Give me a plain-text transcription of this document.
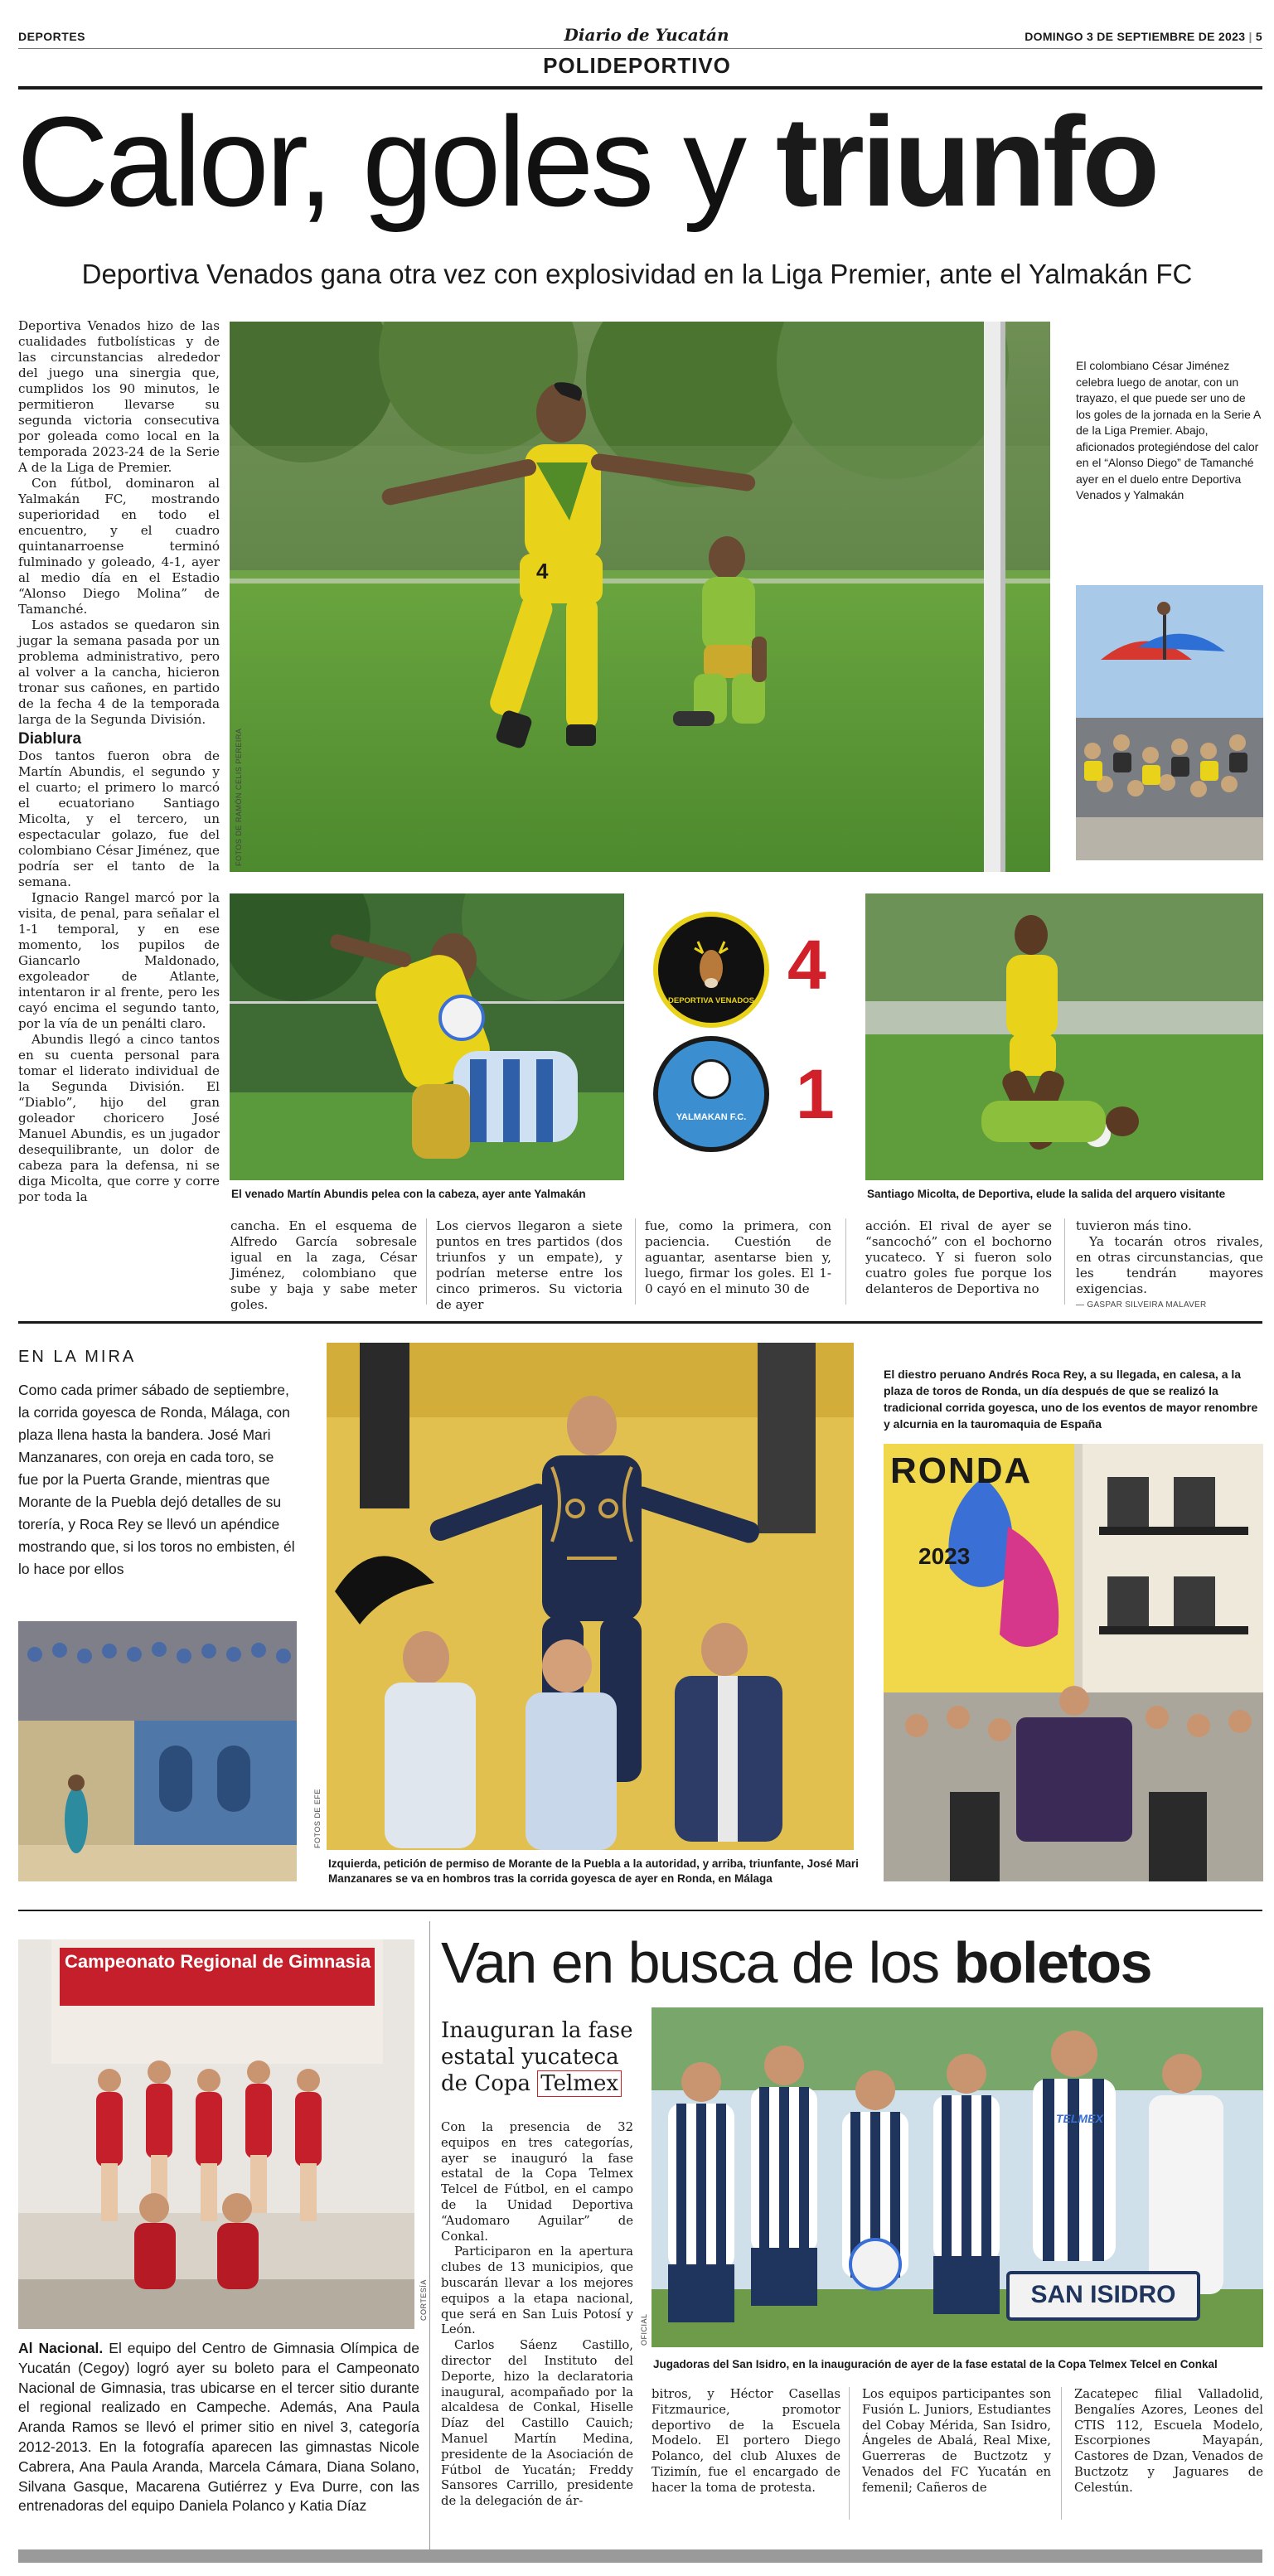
DEPORTES	Diario de Yucatán	DOMINGO 3 DE SEPTIEMBRE DE 2023 | 5
POLIDEPORTIVO
Calor, goles y triunfo
Deportiva Venados gana otra vez con explosividad en la Liga Premier, ante el Yalmakán FC

Deportiva Venados hizo de las cualidades futbolísticas y de las circunstancias alrededor del juego una sinergia que, cumplidos los 90 minutos, le permitieron llevarse su segunda victoria consecutiva por goleada como local en la temporada 2023-24 de la Serie A de la Liga de Premier.

Con fútbol, dominaron al Yalmakán FC, mostrando superioridad en todo el encuentro, y el cuadro quintanarroense terminó fulminado y goleado, 4-1, ayer al medio día en el Estadio “Alonso Diego Molina” de Tamanché.

Los astados se quedaron sin jugar la semana pasada por un problema administrativo, pero al volver a la cancha, hicieron tronar sus cañones, en partido de la fecha 4 de la temporada larga de la Segunda División.

Diablura

Dos tantos fueron obra de Martín Abundis, el segundo y el cuarto; el primero lo marcó el ecuatoriano Santiago Micolta, y el tercero, un espectacular golazo, fue del colombiano César Jiménez, que podría ser el tanto de la semana.

Ignacio Rangel marcó por la visita, de penal, para señalar el 1-1 temporal, y en ese momento, los pupilos de Giancarlo Maldonado, exgoleador de Atlante, intentaron ir al frente, pero les cayó encima el segundo tanto, por la vía de un penálti claro.

Abundis llegó a cinco tantos en su cuenta personal para tomar el liderato individual de la Segunda División. El “Diablo”, hijo del gran goleador choricero José Manuel Abundis, es un jugador desequilibrante, un dolor de cabeza para la defensa, ni se diga Micolta, que corre y corre por toda la

4
FOTOS DE RAMÓN CELIS PEREIRA
El colombiano César Jiménez celebra luego de anotar, con un trayazo, el que puede ser uno de los goles de la jornada en la Serie A de la Liga Premier. Abajo, aficionados protegiéndose del calor en el “Alonso Diego” de Tamanché ayer en el duelo entre Deportiva Venados y Yalmakán
El venado Martín Abundis pelea con la cabeza, ayer ante Yalmakán
DEPORTIVA VENADOS 4
YALMAKAN F.C. 1
Santiago Micolta, de Deportiva, elude la salida del arquero visitante
cancha. En el esquema de Alfredo García sobresale igual en la zaga, César Jiménez, colombiano que sube y baja y sabe meter goles.
Los ciervos llegaron a siete puntos en tres partidos (dos triunfos y un empate), y podrían meterse entre los cinco primeros. Su victoria de ayer
fue, como la primera, con paciencia. Cuestión de aguantar, asentarse bien y, luego, firmar los goles. El 1-0 cayó en el minuto 30 de
acción. El rival de ayer se “sancochó” con el bochorno yucateco. Y si fueron solo cuatro goles fue porque los delanteros de Deportiva no

tuvieron más tino.

Ya tocarán otros rivales, en otras circunstancias, que les tendrán mayores exigencias.

— GASPAR SILVEIRA MALAVER

EN LA MIRA
Como cada primer sábado de septiembre, la corrida goyesca de Ronda, Málaga, con plaza llena hasta la bandera. José Mari Manzanares, con oreja en cada toro, se fue por la Puerta Grande, mientras que Morante de la Puebla dejó detalles de su torería, y Roca Rey se llevó un apéndice mostrando que, si los toros no embisten, él lo hace por ellos
FOTOS DE EFE
Izquierda, petición de permiso de Morante de la Puebla a la autoridad, y arriba, triunfante, José Mari Manzanares se va en hombros tras la corrida goyesca de ayer en Ronda, en Málaga
El diestro peruano Andrés Roca Rey, a su llegada, en calesa, a la plaza de toros de Ronda, un día después de que se realizó la tradicional corrida goyesca, uno de los eventos de mayor renombre y alcurnia en la tauromaquia de España
RONDA
2023
Campeonato Regional de Gimnasia
CORTESÍA
Al Nacional. El equipo del Centro de Gimnasia Olímpica de Yucatán (Cegoy) logró ayer su boleto para el Campeonato Nacional de Gimnasia, tras ubicarse en el tercer sitio durante el regional realizado en Campeche. Además, Ana Paula Aranda Ramos se llevó el primer sitio en nivel 3, categoría 2012-2013. En la fotografía aparecen las gimnastas Nicole Cabrera, Ana Paula Aranda, Marcela Cámara, Diana Solano, Silvana Gasque, Macarena Gutiérrez y Eva Durre, con las entrenadoras del equipo Daniela Polanco y Katia Díaz
Van en busca de los boletos
Inauguran la fase estatal yucateca de Copa Telmex

Con la presencia de 32 equipos en tres categorías, ayer se inauguró la fase estatal de la Copa Telmex Telcel de Fútbol, en el campo de la Unidad Deportiva “Audomaro Aguilar” de Conkal.

Participaron en la apertura clubes de 13 municipios, que buscarán llevar a los mejores equipos a la etapa nacional, que será en San Luis Potosí y León.

Carlos Sáenz Castillo, director del Instituto del Deporte, hizo la declaratoria inaugural, acompañado por la alcaldesa de Conkal, Hiselle Díaz del Castillo Cauich; Manuel Martín Medina, presidente de la Asociación de Fútbol de Yucatán; Freddy Sansores Carrillo, presidente de la delegación de ár-

TELMEX
SAN ISIDRO
OFICIAL
Jugadoras del San Isidro, en la inauguración de ayer de la fase estatal de la Copa Telmex Telcel en Conkal
bitros, y Héctor Casellas Fitzmaurice, promotor deportivo de la Escuela Modelo. El portero Diego Polanco, del club Aluxes de Tizimín, fue el encargado de hacer la toma de protesta.
Los equipos participantes son Fusión L. Juniors, Estudiantes del Cobay Mérida, San Isidro, Ángeles de Abalá, Real Mixe, Guerreras de Buctzotz y Venados del FC Yucatán en femenil; Cañeros de
Zacatepec filial Valladolid, Bengalíes Azores, Leones del CTIS 112, Escuela Modelo, Escorpiones Mayapán, Castores de Dzan, Venados de Buctzotz y Jaguares de Celestún.
